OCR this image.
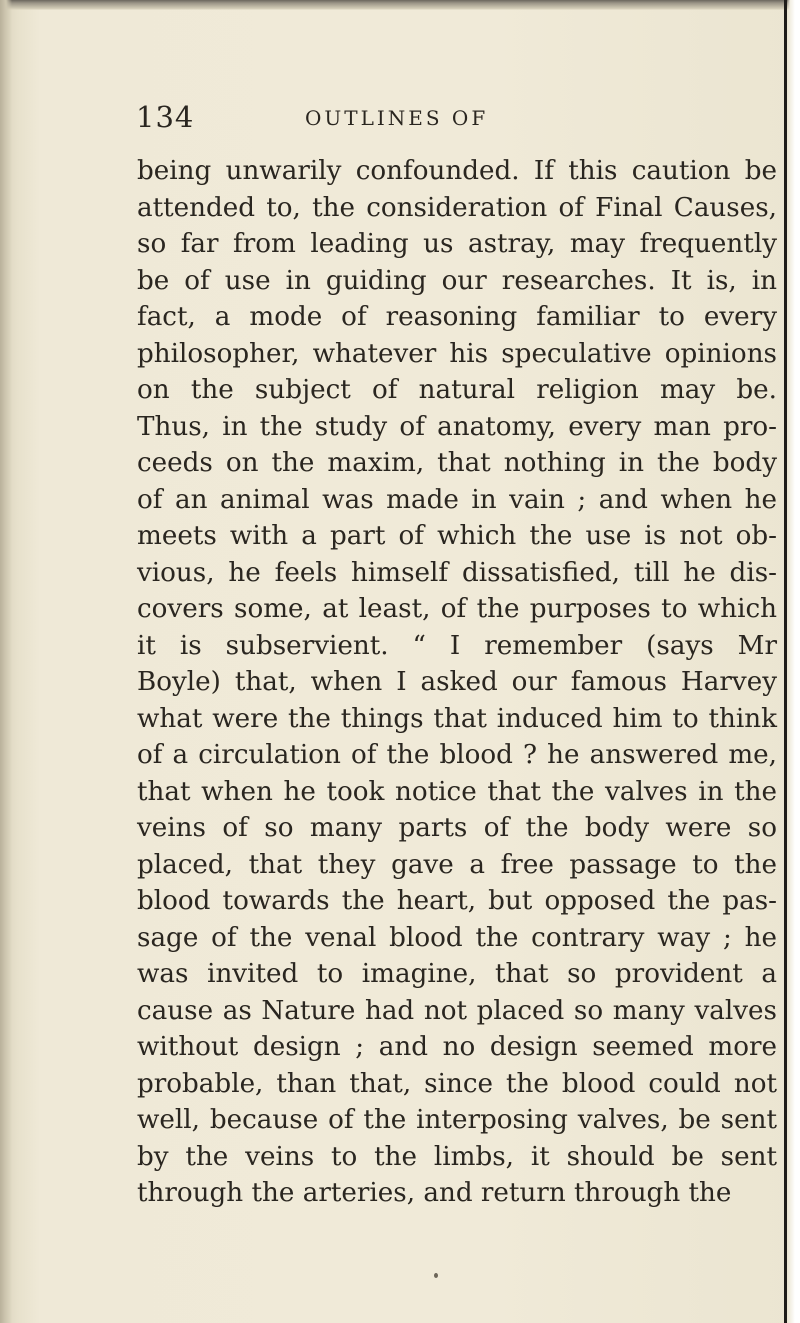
134	OUTLINES OF
being unwarily confounded. If this caution be
attended to, the consideration of Final Causes,
so far from leading us astray, may frequently
be of use in guiding our researches. It is, in
fact, a mode of reasoning familiar to every
philosopher, whatever his speculative opinions
on the subject of natural religion may be.
Thus, in the study of anatomy, every man pro-
ceeds on the maxim, that nothing in the body
of an animal was made in vain ; and when he
meets with a part of which the use is not ob-
vious, he feels himself dissatisfied, till he dis-
covers some, at least, of the purposes to which
it is subservient. “ I remember (says Mr
Boyle) that, when I asked our famous Harvey
what were the things that induced him to think
of a circulation of the blood ? he answered me,
that when he took notice that the valves in the
veins of so many parts of the body were so
placed, that they gave a free passage to the
blood towards the heart, but opposed the pas-
sage of the venal blood the contrary way ; he
was invited to imagine, that so provident a
cause as Nature had not placed so many valves
without design ; and no design seemed more
probable, than that, since the blood could not
well, because of the interposing valves, be sent
by the veins to the limbs, it should be sent
through the arteries, and return through the
